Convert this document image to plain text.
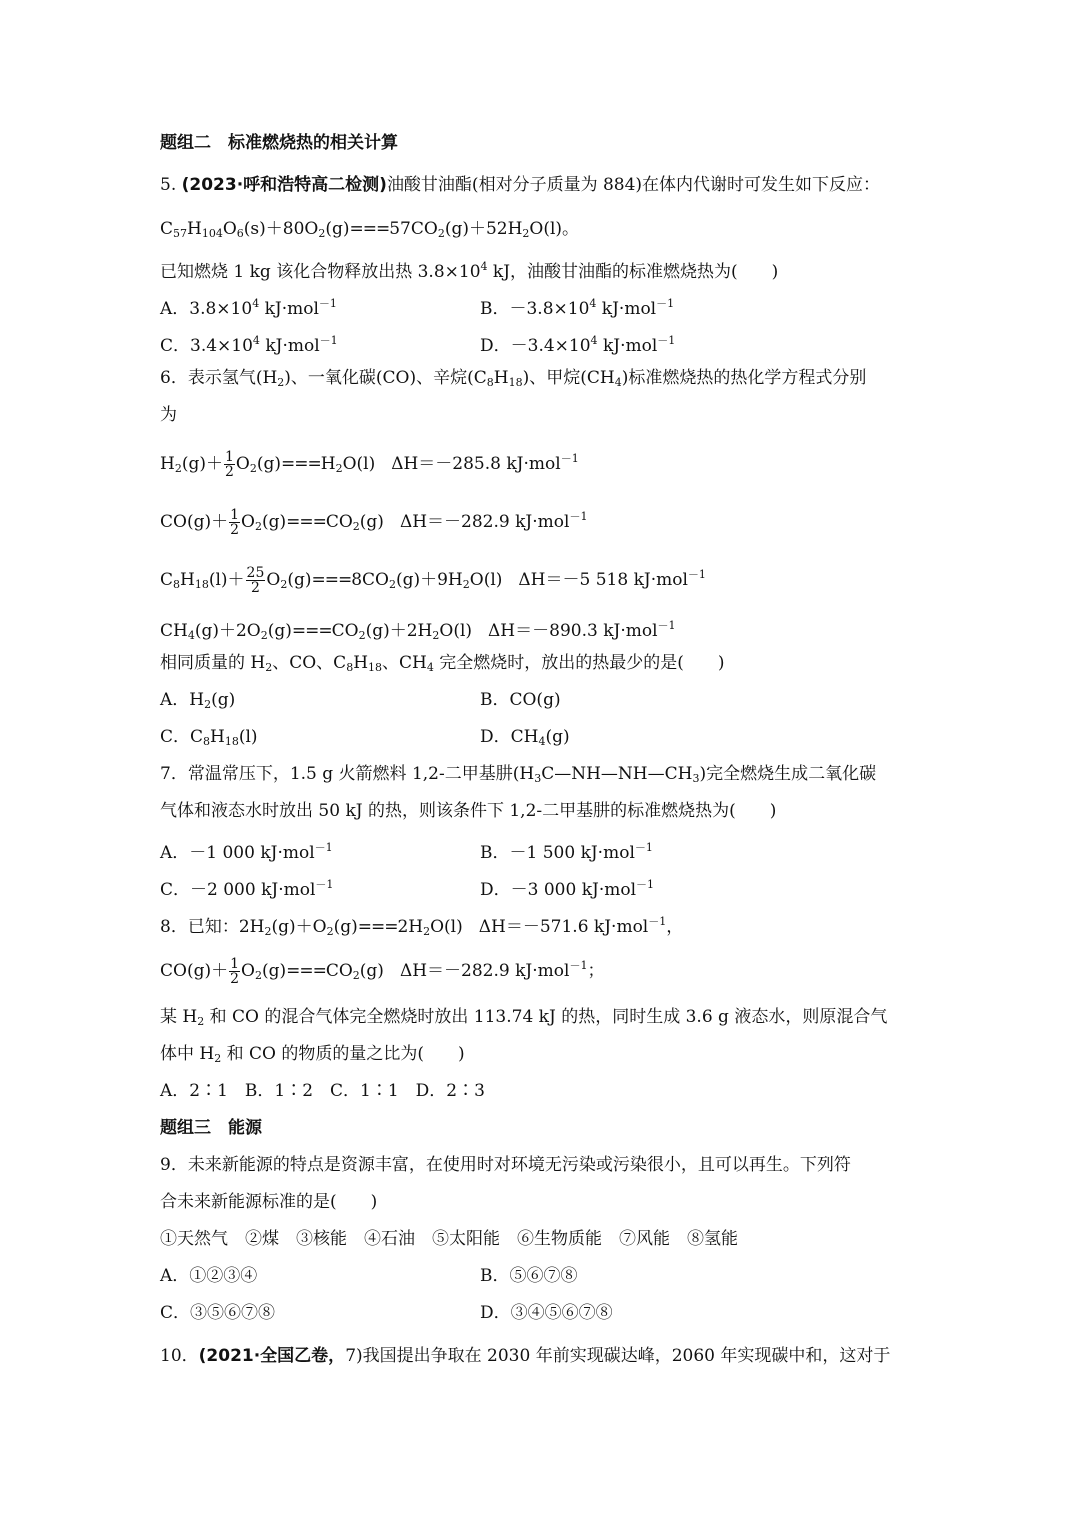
题组二　标准燃烧热的相关计算
5. (2023·呼和浩特高二检测)油酸甘油酯(相对分子质量为 884)在体内代谢时可发生如下反应：
$C_{57}H_{104}O_6(s)+80O_2(g)===57CO_2(g)+52H_2O(l)$。
已知燃烧 1 kg 该化合物释放出热 $3.8\times 10^4$ kJ，油酸甘油酯的标准燃烧热为(　　)
A．$3.8\times 10^4$ kJ·mol$^{-1}$	B．$-3.8\times 10^4$ kJ·mol$^{-1}$
C．$3.4\times 10^4$ kJ·mol$^{-1}$	D．$-3.4\times 10^4$ kJ·mol$^{-1}$
6．表示氢气$(H_2)$、一氧化碳(CO)、辛烷$(C_8H_{18})$、甲烷$(CH_4)$标准燃烧热的热化学方程式分别
为
$H_2(g)+ \frac{1}{2} O_2(g)===H_2O(l)$ ΔH＝－285.8 kJ·mol$^{-1}$
$CO(g)+ \frac{1}{2} O_2(g)===CO_2(g)$ ΔH＝－282.9 kJ·mol$^{-1}$
$C_8H_{18}(l)+ \frac{25}{2} O_2(g)===8CO_2(g)+9H_2O(l)$ ΔH＝－5 518 kJ·mol$^{-1}$
$CH_4(g)+2O_2(g)===CO_2(g)+2H_2O(l)$ ΔH＝－890.3 kJ·mol$^{-1}$
相同质量的 $H_2$、CO、$C_8H_{18}$、$CH_4$ 完全燃烧时，放出的热最少的是(　　)
A．$H_2(g)$	B．CO(g)
C．$C_8H_{18}(l)$	D．$CH_4(g)$
7．常温常压下，1.5 g 火箭燃料 1,2-二甲基肼$(H_3C—NH—NH—CH_3)$完全燃烧生成二氧化碳
气体和液态水时放出 50 kJ 的热，则该条件下 1,2-二甲基肼的标准燃烧热为(　　)
A．－1 000 kJ·mol$^{-1}$	B．－1 500 kJ·mol$^{-1}$
C．－2 000 kJ·mol$^{-1}$	D．－3 000 kJ·mol$^{-1}$
8．已知：$2H_2(g)+O_2(g)===2H_2O(l)$ ΔH＝－571.6 kJ·mol$^{-1}$，
$CO(g)+ \frac{1}{2} O_2(g)===CO_2(g)$ ΔH＝－282.9 kJ·mol$^{-1}$；
某 $H_2$ 和 CO 的混合气体完全燃烧时放出 113.74 kJ 的热，同时生成 3.6 g 液态水，则原混合气
体中 $H_2$ 和 CO 的物质的量之比为(　　)
A．2∶1　B．1∶2　C．1∶1　D．2∶3
题组三　能源
9．未来新能源的特点是资源丰富，在使用时对环境无污染或污染很小，且可以再生。下列符
合未来新能源标准的是(　　)
①天然气　②煤　③核能　④石油　⑤太阳能　⑥生物质能　⑦风能　⑧氢能
A．①②③④	B．⑤⑥⑦⑧
C．③⑤⑥⑦⑧	D．③④⑤⑥⑦⑧
10．(2021·全国乙卷，7)我国提出争取在 2030 年前实现碳达峰，2060 年实现碳中和，这对于
